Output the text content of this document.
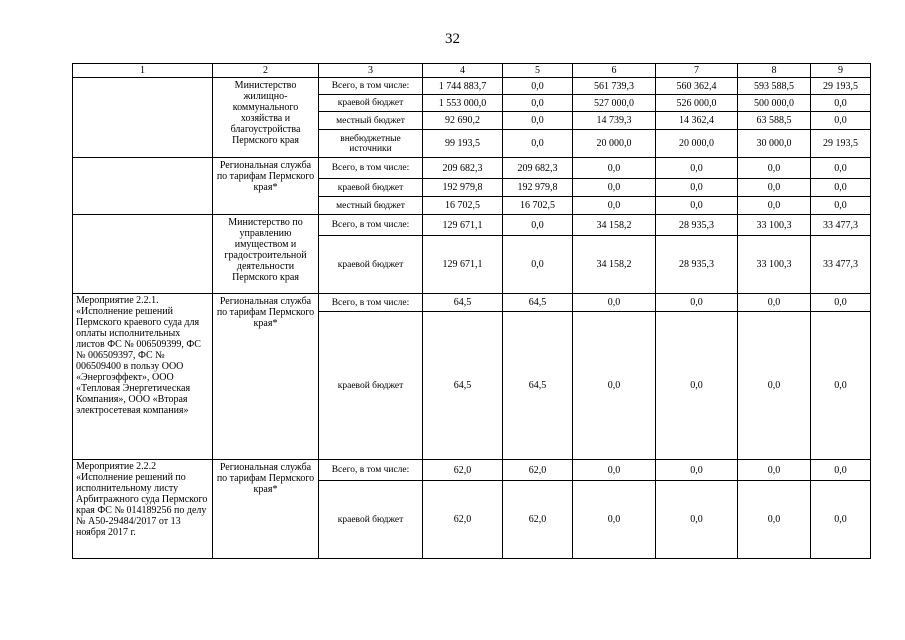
32
1	2	3	4	5	6	7	8	9
	Министерство жилищно-коммунального хозяйства и благоустройства Пермского края	Всего, в том числе:	1 744 883,7	0,0	561 739,3	560 362,4	593 588,5	29 193,5
		краевой бюджет	1 553 000,0	0,0	527 000,0	526 000,0	500 000,0	0,0
		местный бюджет	92 690,2	0,0	14 739,3	14 362,4	63 588,5	0,0
		внебюджетные источники	99 193,5	0,0	20 000,0	20 000,0	30 000,0	29 193,5
	Региональная служба по тарифам Пермского края*	Всего, в том числе:	209 682,3	209 682,3	0,0	0,0	0,0	0,0
		краевой бюджет	192 979,8	192 979,8	0,0	0,0	0,0	0,0
		местный бюджет	16 702,5	16 702,5	0,0	0,0	0,0	0,0
	Министерство по управлению имуществом и градостроительной деятельности Пермского края	Всего, в том числе:	129 671,1	0,0	34 158,2	28 935,3	33 100,3	33 477,3
		краевой бюджет	129 671,1	0,0	34 158,2	28 935,3	33 100,3	33 477,3
Мероприятие 2.2.1. «Исполнение решений Пермского краевого суда для оплаты исполнительных листов ФС № 006509399, ФС № 006509397, ФС № 006509400 в пользу ООО «Энергоэффект», ООО «Тепловая Энергетическая Компания», ООО «Вторая электросетевая компания»	Региональная служба по тарифам Пермского края*	Всего, в том числе:	64,5	64,5	0,0	0,0	0,0	0,0
		краевой бюджет	64,5	64,5	0,0	0,0	0,0	0,0
Мероприятие 2.2.2 «Исполнение решений по исполнительному листу Арбитражного суда Пермского края ФС № 014189256 по делу № А50-29484/2017 от 13 ноября 2017 г.	Региональная служба по тарифам Пермского края*	Всего, в том числе:	62,0	62,0	0,0	0,0	0,0	0,0
		краевой бюджет	62,0	62,0	0,0	0,0	0,0	0,0
